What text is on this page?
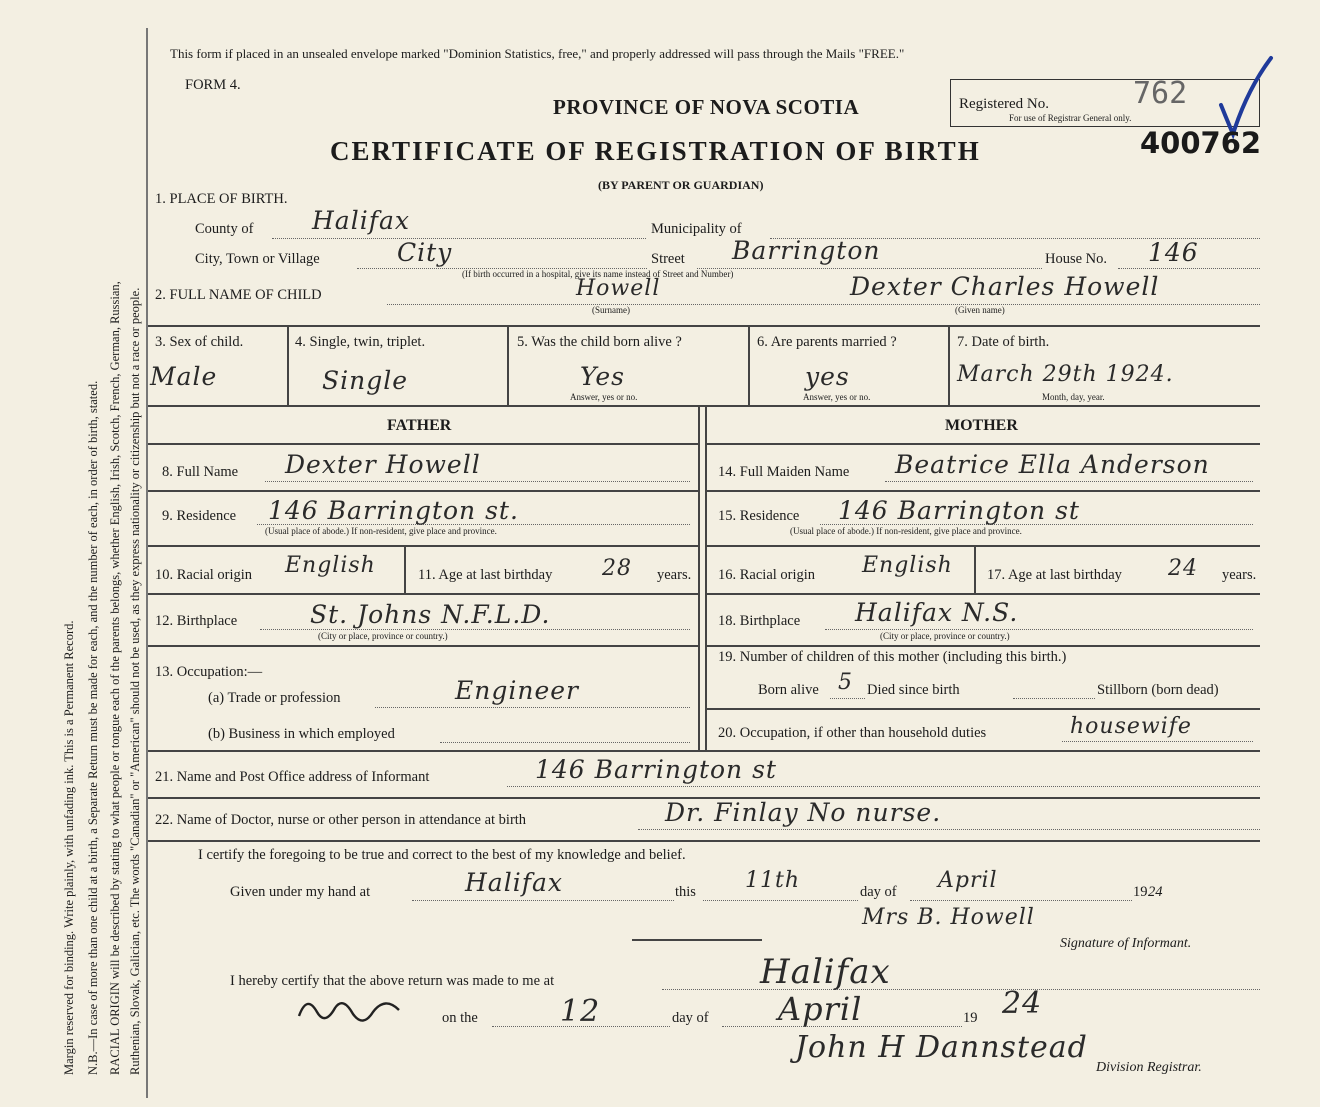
Margin reserved for binding. Write plainly, with unfading ink. This is a Permanent Record. N.B.—In case of more than one child at a birth, a Separate Return must be made for each, and the number of each, in order of birth, stated. RACIAL ORIGIN will be described by stating to what people or tongue each of the parents belongs, whether English, Irish, Scotch, French, German, Russian, Ruthenian, Slovak, Galician, etc. The words "Canadian" or "American" should not be used, as they express nationality or citizenship but not a race or people.
This form if placed in an unsealed envelope marked "Dominion Statistics, free," and properly addressed will pass through the Mails "FREE."
FORM 4.
PROVINCE OF NOVA SCOTIA
CERTIFICATE OF REGISTRATION OF BIRTH
(BY PARENT OR GUARDIAN)
Registered No.	762
For use of Registrar General only.
400762
1. PLACE OF BIRTH.
County of Halifax	Municipality of
City, Town or Village	City	Street Barrington	House No. 146
(If birth occurred in a hospital, give its name instead of Street and Number)
2. FULL NAME OF CHILD	Howell
(Surname)
Dexter Charles Howell
(Given name)
3. Sex of child.
Male
4. Single, twin, triplet.
Single
5. Was the child born alive ?
Yes
Answer, yes or no.
6. Are parents married ?
yes
Answer, yes or no.
7. Date of birth.
March 29th 1924.
Month, day, year.
FATHER	MOTHER
8. Full Name Dexter Howell
9. Residence 146 Barrington st.
(Usual place of abode.) If non-resident, give place and province.
10. Racial origin English	11. Age at last birthday 28 years.
12. Birthplace	St. Johns N.F.L.D.
(City or place, province or country.)
13. Occupation:—
(a) Trade or profession	Engineer
(b) Business in which employed
14. Full Maiden Name Beatrice Ella Anderson
15. Residence 146 Barrington st
(Usual place of abode.) If non-resident, give place and province.
16. Racial origin English 17. Age at last birthday 24 years.
18. Birthplace Halifax N.S.
(City or place, province or country.)
19. Number of children of this mother (including this birth.)
Born alive 5 Died since birth	Stillborn (born dead)
20. Occupation, if other than household duties	housewife
21. Name and Post Office address of Informant	146 Barrington st
22. Name of Doctor, nurse or other person in attendance at birth	Dr. Finlay No nurse.
I certify the foregoing to be true and correct to the best of my knowledge and belief.
Given under my hand at	Halifax	this 11th	day of April	19 24
Mrs B. Howell
Signature of Informant.
I hereby certify that the above return was made to me at	Halifax
on the	12	day of April	19 24
John H Dannstead
Division Registrar.
